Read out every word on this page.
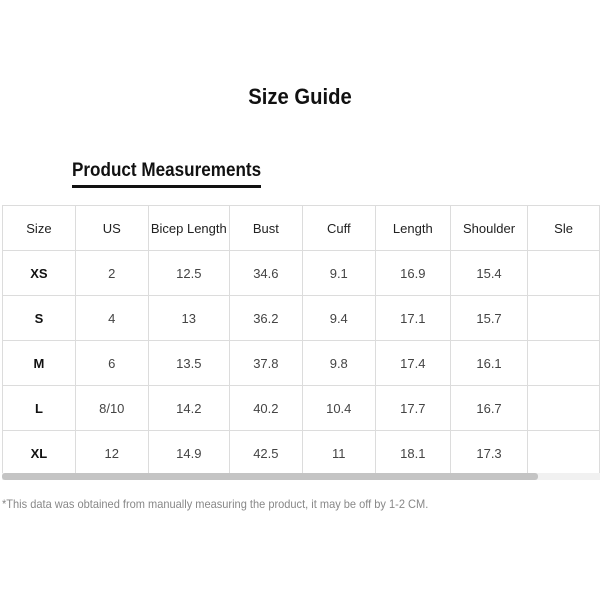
Size Guide
Product Measurements
Size	US	Bicep Length	Bust	Cuff	Length	Shoulder	Sle
XS	2	12.5	34.6	9.1	16.9	15.4	
S	4	13	36.2	9.4	17.1	15.7	
M	6	13.5	37.8	9.8	17.4	16.1	
L	8/10	14.2	40.2	10.4	17.7	16.7	
XL	12	14.9	42.5	11	18.1	17.3	
*This data was obtained from manually measuring the product, it may be off by 1-2 CM.
